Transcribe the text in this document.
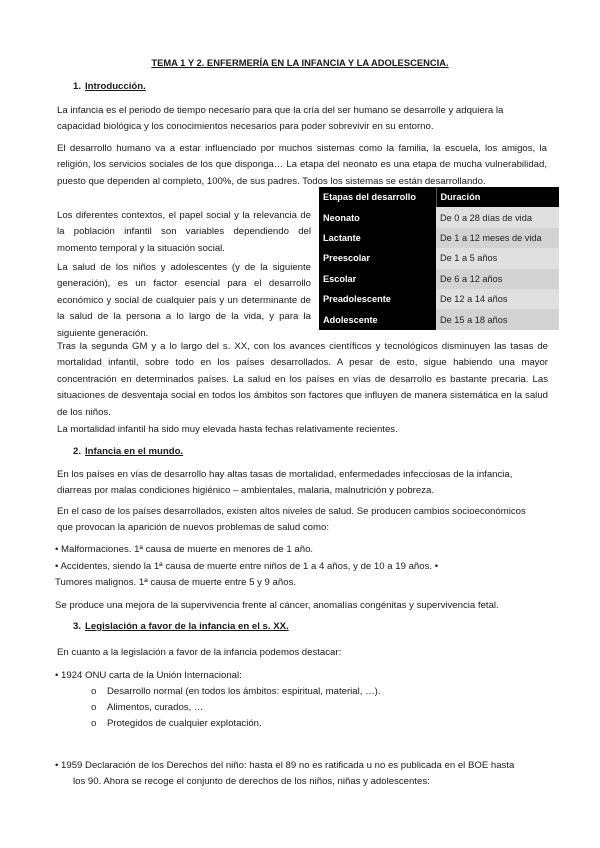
TEMA 1 Y 2. ENFERMERÍA EN LA INFANCIA Y LA ADOLESCENCIA.
1. Introducción.

La infancia es el periodo de tiempo necesario para que la cría del ser humano se desarrolle y adquiera la capacidad biológica y los conocimientos necesarios para poder sobrevivir en su entorno.

El desarrollo humano va a estar influenciado por muchos sistemas como la familia, la escuela, los amigos, la religión, los servicios sociales de los que disponga… La etapa del neonato es una etapa de mucha vulnerabilidad, puesto que dependen al completo, 100%, de sus padres. Todos los sistemas se están desarrollando.

Los diferentes contextos, el papel social y la relevancia de la población infantil son variables dependiendo del momento temporal y la situación social.

La salud de los niños y adolescentes (y de la siguiente generación), es un factor esencial para el desarrollo económico y social de cualquier país y un determinante de la salud de la persona a lo largo de la vida, y para la siguiente generación.

Etapas del desarrollo	Duración
Neonato	De 0 a 28 días de vida
Lactante	De 1 a 12 meses de vida
Preescolar	De 1 a 5 años
Escolar	De 6 a 12 años
Preadolescente	De 12 a 14 años
Adolescente	De 15 a 18 años

Tras la segunda GM y a lo largo del s. XX, con los avances científicos y tecnológicos disminuyen las tasas de mortalidad infantil, sobre todo en los países desarrollados. A pesar de esto, sigue habiendo una mayor concentración en determinados países. La salud en los países en vías de desarrollo es bastante precaria. Las situaciones de desventaja social en todos los ámbitos son factores que influyen de manera sistemática en la salud de los niños.

La mortalidad infantil ha sido muy elevada hasta fechas relativamente recientes.

2. Infancia en el mundo.

En los países en vías de desarrollo hay altas tasas de mortalidad, enfermedades infecciosas de la infancia, diarreas por malas condiciones higiénico – ambientales, malaria, malnutrición y pobreza.

En el caso de los países desarrollados, existen altos niveles de salud. Se producen cambios socioeconómicos que provocan la aparición de nuevos problemas de salud como:

• Malformaciones. 1ª causa de muerte en menores de 1 año.
• Accidentes, siendo la 1ª causa de muerte entre niños de 1 a 4 años, y de 10 a 19 años. •
Tumores malignos. 1ª causa de muerte entre 5 y 9 años.

Se produce una mejora de la supervivencia frente al cáncer, anomalías congénitas y supervivencia fetal.

3. Legislación a favor de la infancia en el s. XX.

En cuanto a la legislación a favor de la infancia podemos destacar:

• 1924 ONU carta de la Unión Internacional:
o Desarrollo normal (en todos los ámbitos: espiritual, material, …).
o Alimentos, curados, …
o Protegidos de cualquier explotación.
• 1959 Declaración de los Derechos del niño: hasta el 89 no es ratificada u no es publicada en el BOE hasta
los 90. Ahora se recoge el conjunto de derechos de los niños, niñas y adolescentes:
